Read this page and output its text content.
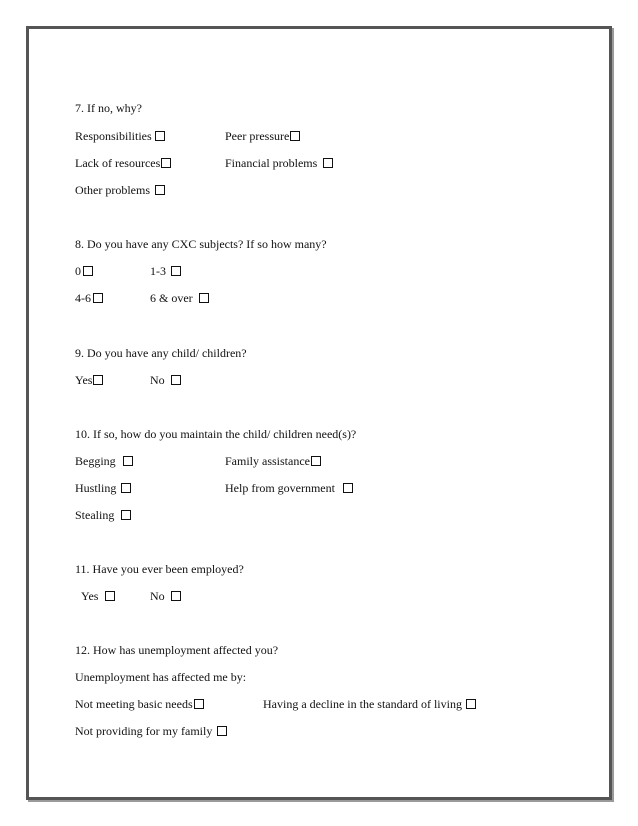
7. If no, why?
Responsibilities	Peer pressure
Lack of resources	Financial problems
Other problems
8. Do you have any CXC subjects? If so how many?
0	1-3
4-6	6 & over
9. Do you have any child/ children?
Yes	No
10. If so, how do you maintain the child/ children need(s)?
Begging	Family assistance
Hustling	Help from government
Stealing
11. Have you ever been employed?
Yes	No
12. How has unemployment affected you?
Unemployment has affected me by:
Not meeting basic needs	Having a decline in the standard of living
Not providing for my family
